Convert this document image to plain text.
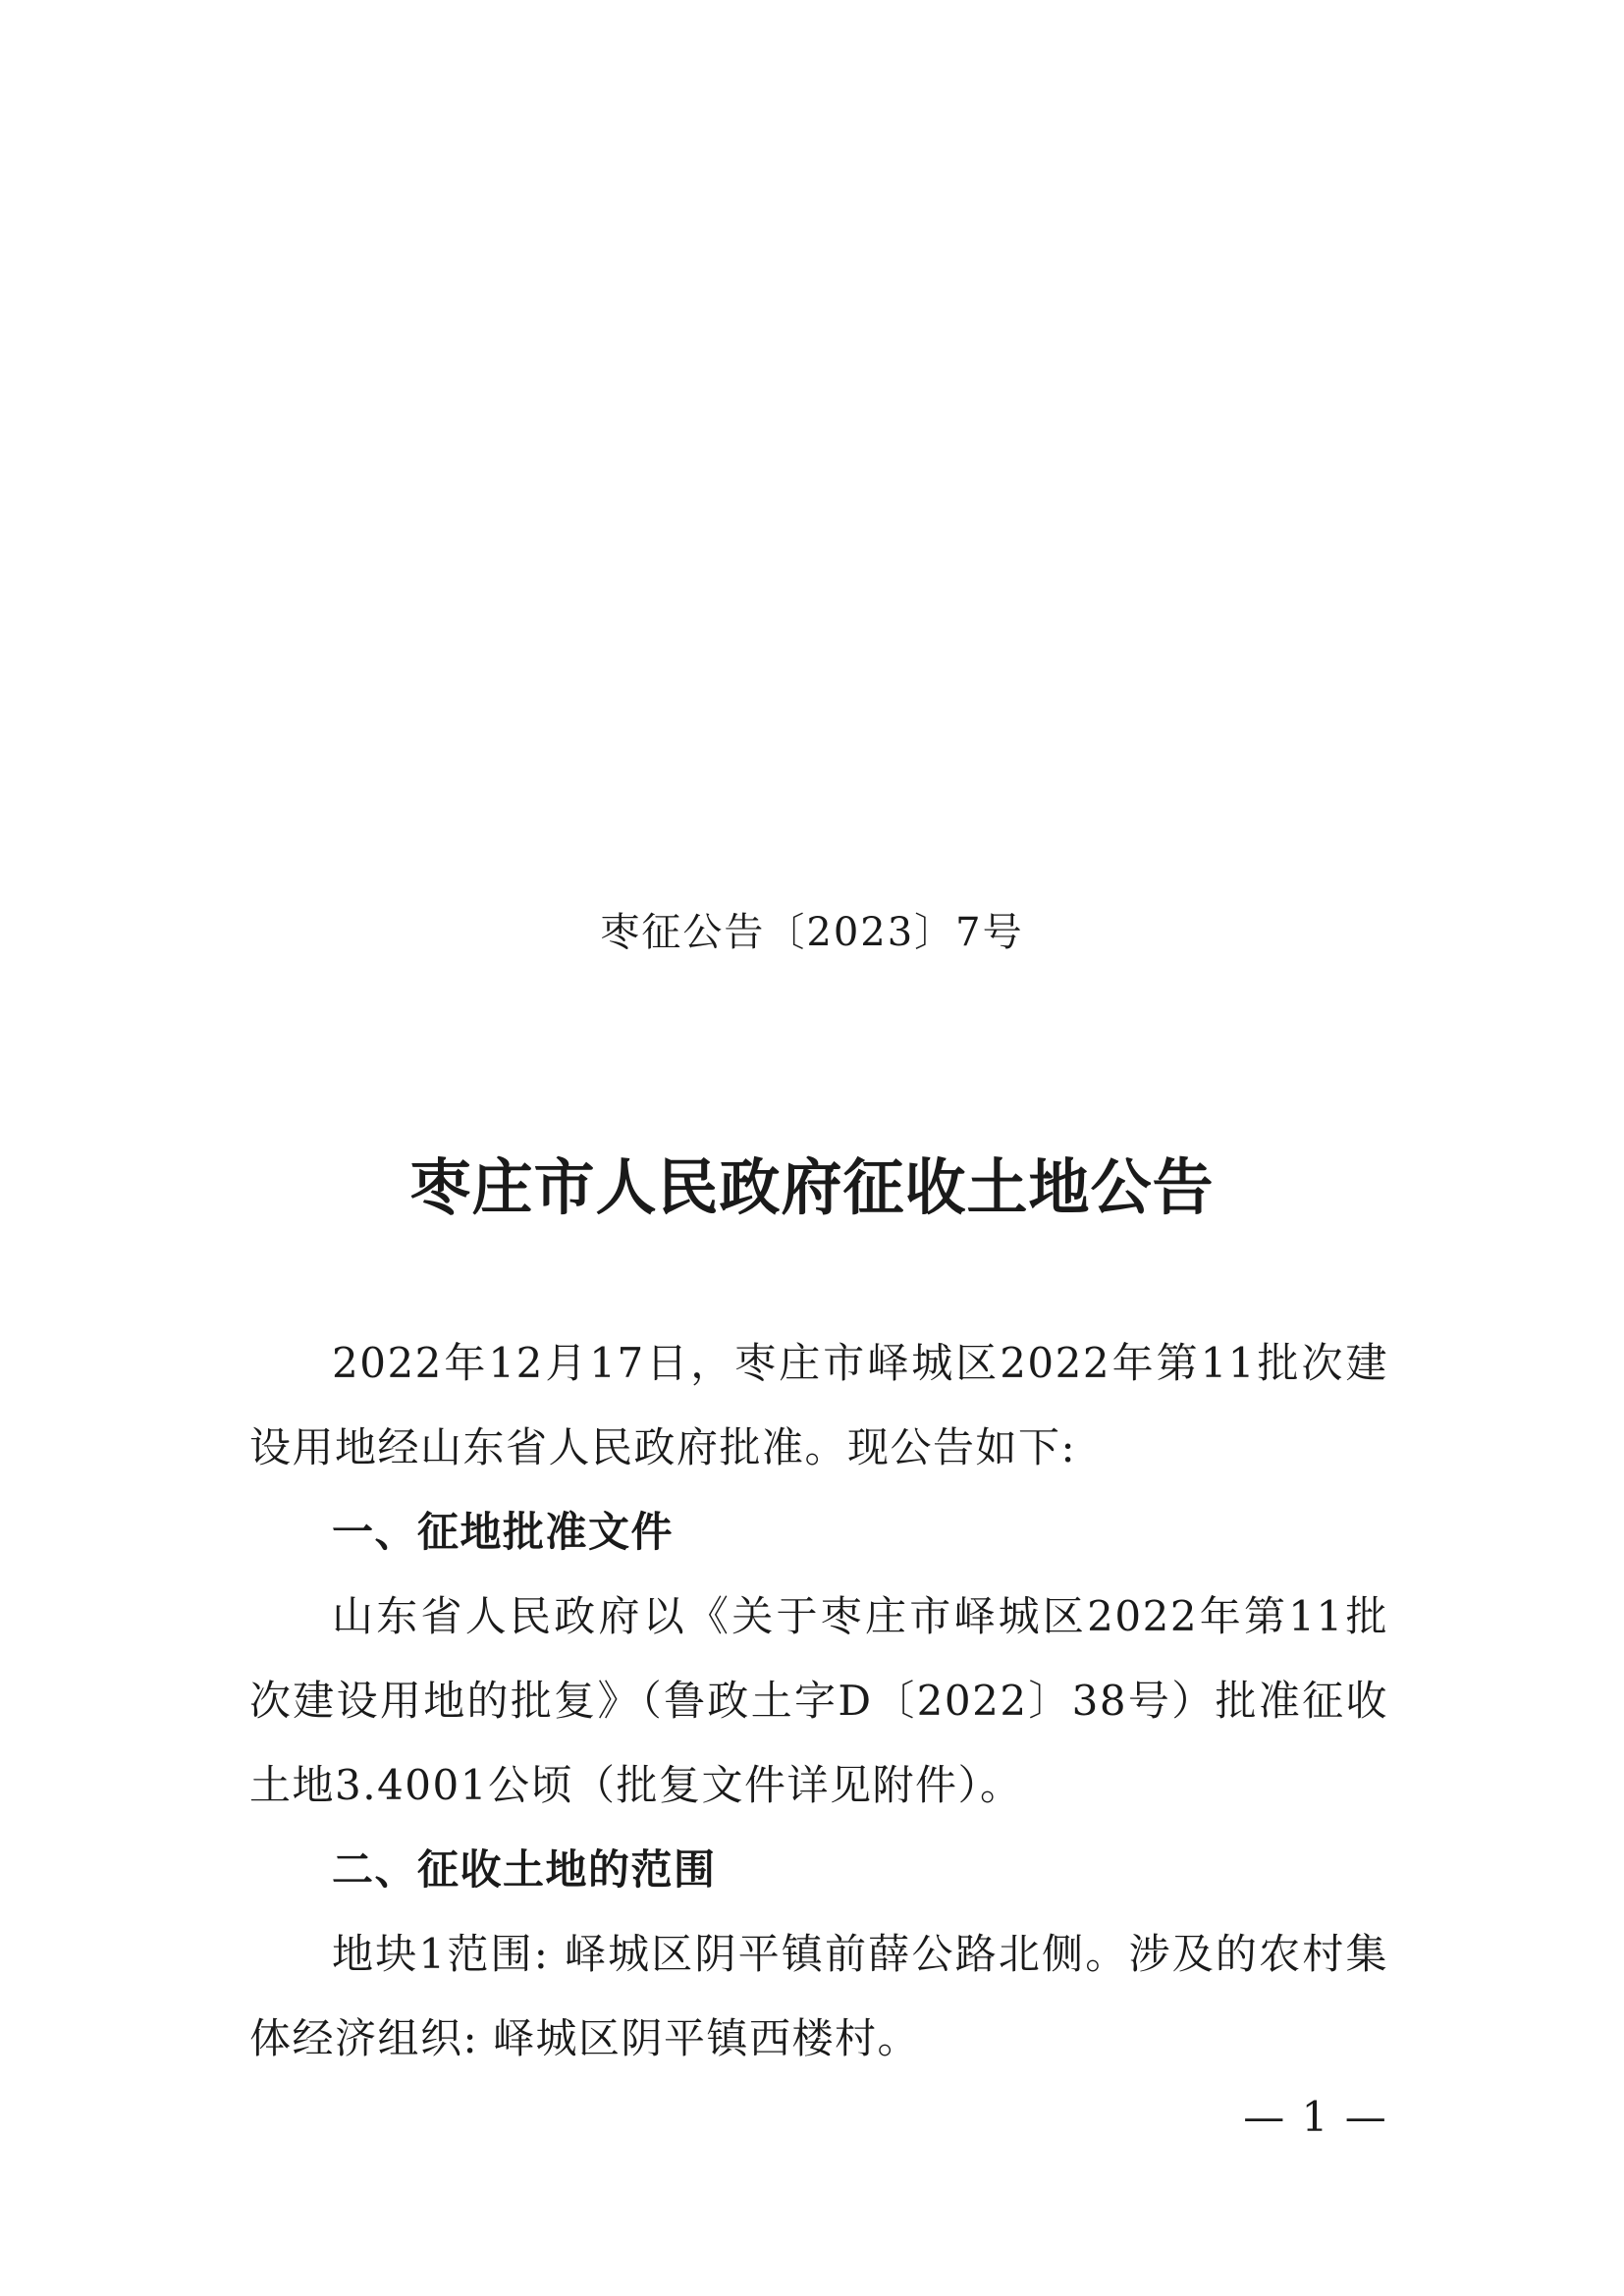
枣征公告〔2023〕7号
枣庄市人民政府征收土地公告
2022年12月17日，枣庄市峄城区2022年第11批次建设用地经山东省人民政府批准。现公告如下:
一、征地批准文件
山东省人民政府以《关于枣庄市峄城区2022年第11批次建设用地的批复》（鲁政土字D〔2022〕38号）批准征收土地3.4001公顷（批复文件详见附件）。
二、征收土地的范围
地块1范围: 峄城区阴平镇前薛公路北侧。涉及的农村集体经济组织: 峄城区阴平镇西楼村。
— 1 —
